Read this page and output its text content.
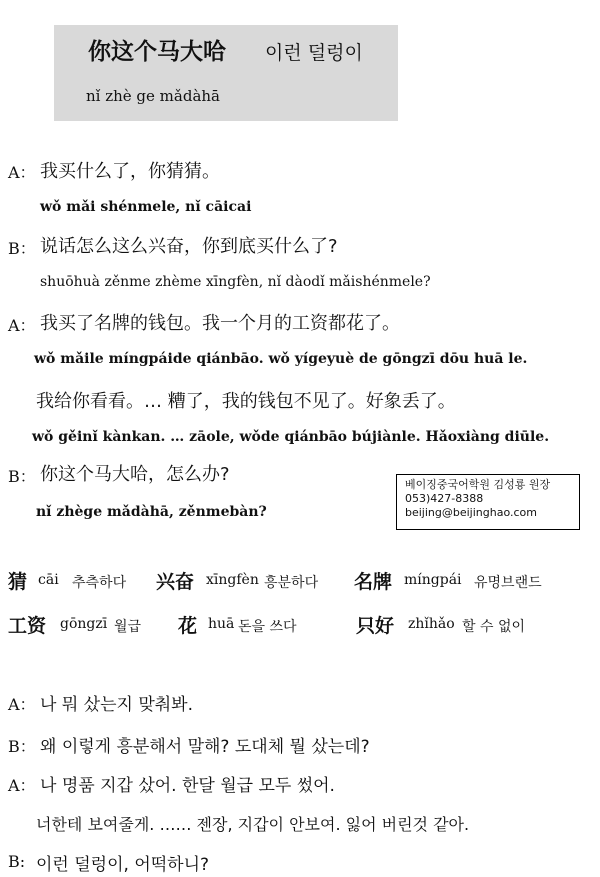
你这个马大哈 이런 덜렁이
nǐ zhè ge mǎdàhā
A： 我买什么了，你猜猜。
wǒ mǎi shénmele, nǐ cāicai
B： 说话怎么这么兴奋，你到底买什么了?
shuōhuà zěnme zhème xīngfèn, nǐ dàodǐ mǎishénmele?
A： 我买了名牌的钱包。我一个月的工资都花了。
wǒ mǎile míngpáide qiánbāo. wǒ yígeyuè de gōngzī dōu huā le.
我给你看看。… 糟了，我的钱包不见了。好象丢了。
wǒ gěinǐ kànkan. … zāole, wǒde qiánbāo bújiànle. Hǎoxiàng diūle.
B： 你这个马大哈，怎么办?
nǐ zhège mǎdàhā, zěnmebàn?
베이징중국어학원 김성룡 원장
053)427-8388
beijing@beijinghao.com
猜 cāi 추측하다 兴奋 xīngfèn 흥분하다 名牌 míngpái 유명브랜드
工资 gōngzī 월급 花 huā 돈을 쓰다	只好 zhǐhǎo 할 수 없이
A： 나 뭐 샀는지 맞춰봐.
B： 왜 이렇게 흥분해서 말해? 도대체 뭘 샀는데?
A： 나 명품 지갑 샀어. 한달 월급 모두 썼어.
너한테 보여줄게. …… 젠장, 지갑이 안보여. 잃어 버린것 같아.
B: 이런 덜렁이, 어떡하니?
